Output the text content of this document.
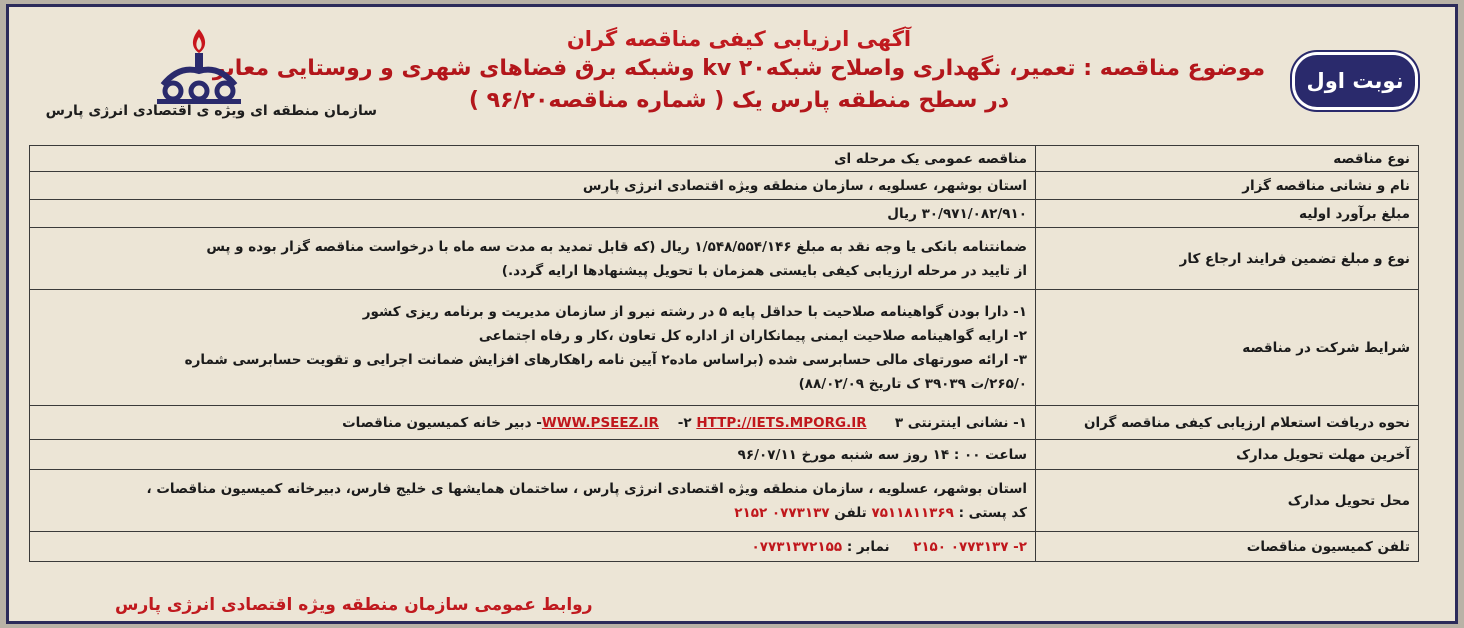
نوبت اول
آگهی ارزیابی کیفی مناقصه گران
موضوع مناقصه : تعمیر، نگهداری واصلاح شبکهkv ۲۰ وشبکه برق فضاهای شهری و روستایی معابر
در سطح منطقه پارس یک ( شماره مناقصه۹۶/۲۰ )
سازمان منطقه ای ویژه ی اقتصادی انرژی پارس
نوع مناقصه	مناقصه عمومی یک مرحله ای
نام و نشانی مناقصه گزار	استان بوشهر، عسلویه ، سازمان منطقه ویژه اقتصادی انرژی پارس
مبلغ برآورد اولیه	۳۰/۹۷۱/۰۸۲/۹۱۰ ریال
نوع و مبلغ تضمین فرایند ارجاع کار	ضمانتنامه بانکی یا وجه نقد به مبلغ ۱/۵۴۸/۵۵۴/۱۴۶ ریال (که قابل تمدید به مدت سه ماه با درخواست مناقصه گزار بوده و پس
از تایید در مرحله ارزیابی کیفی بایستی همزمان با تحویل پیشنهادها ارایه گردد.)

شرایط شرکت در مناقصه	۱- دارا بودن گواهینامه صلاحیت با حداقل پایه ۵ در رشته نیرو از سازمان مدیریت و برنامه ریزی کشور
۲- ارایه گواهینامه صلاحیت ایمنی پیمانکاران از اداره کل تعاون ،کار و رفاه اجتماعی
۳- ارائه صورتهای مالی حسابرسی شده (براساس ماده۲ آیین نامه راهکارهای افزایش ضمانت اجرایی و تقویت حسابرسی شماره
۲۶۵/۰/ت ۳۹۰۳۹ ک تاریخ ۸۸/۰۲/۰۹)

نحوه دریافت استعلام ارزیابی کیفی مناقصه گران	۱- نشانی اینترنتی WWW.PSEEZ.IR -۲ HTTP://IETS.MPORG.IR      ۳- دبیر خانه کمیسیون مناقصات
آخرین مهلت تحویل مدارک	ساعت ۰۰ : ۱۴ روز سه شنبه مورخ ۹۶/۰۷/۱۱
محل تحویل مدارک	استان بوشهر، عسلویه ، سازمان منطقه ویژه اقتصادی انرژی پارس ، ساختمان همایشها ی خلیج فارس، دبیرخانه کمیسیون مناقصات ،
کد پستی : ۷۵۱۱۸۱۱۳۶۹ تلفن ۰۷۷۳۱۳۷ ۲۱۵۲

تلفن کمیسیون مناقصات	۲- ۰۷۷۳۱۳۷ ۲۱۵۰     نمابر : ۰۷۷۳۱۳۷۲۱۵۵
روابط عمومی سازمان منطقه ویژه اقتصادی انرژی پارس
